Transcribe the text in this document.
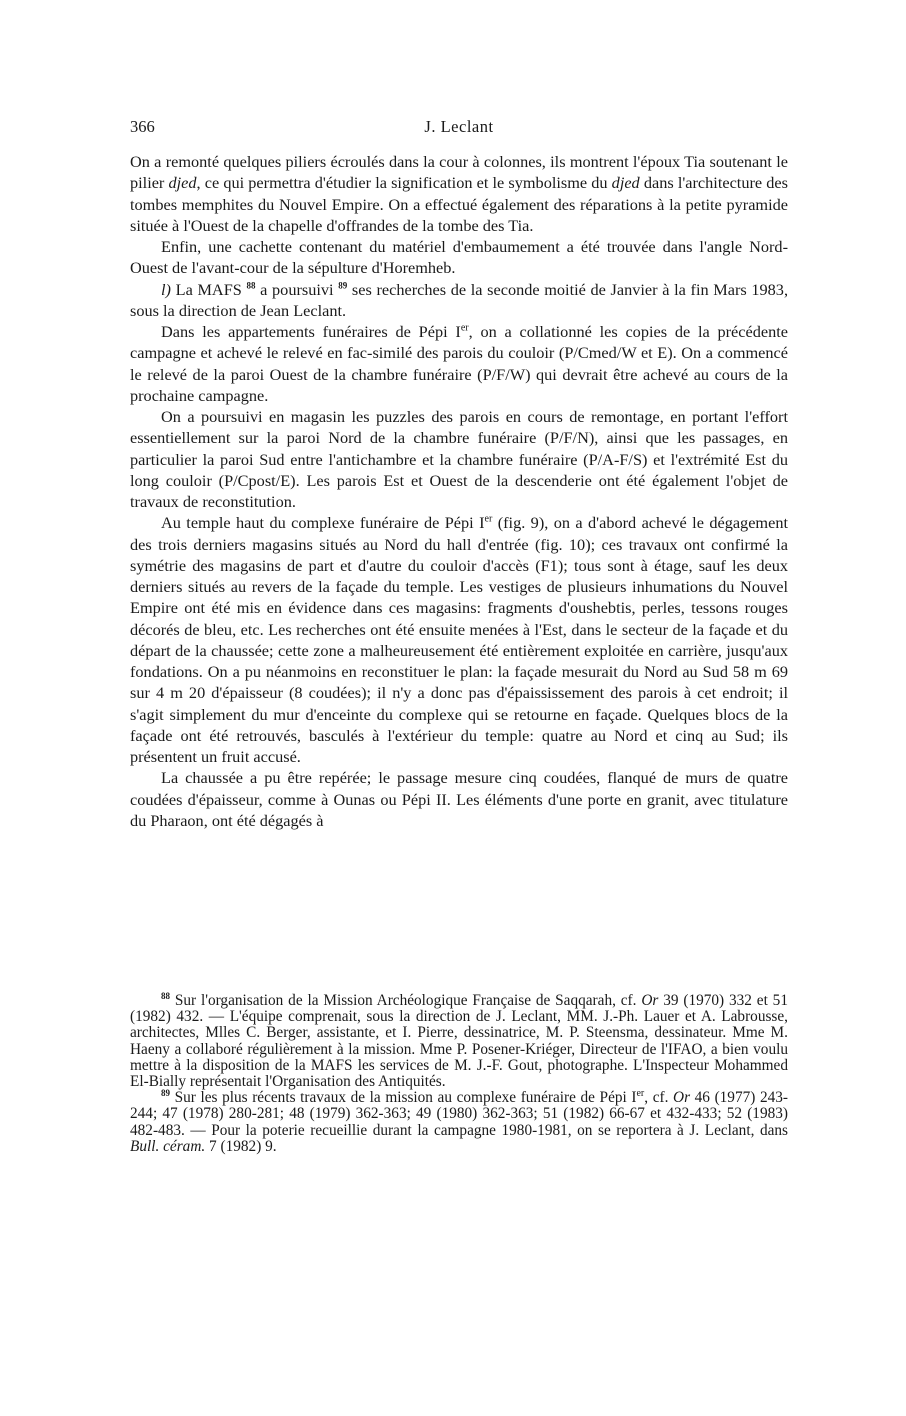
366	J. Leclant

On a remonté quelques piliers écroulés dans la cour à colonnes, ils montrent l'époux Tia soutenant le pilier djed, ce qui permettra d'étudier la signification et le symbolisme du djed dans l'architecture des tombes memphites du Nouvel Empire. On a effectué également des réparations à la petite pyramide située à l'Ouest de la chapelle d'offrandes de la tombe des Tia.

Enfin, une cachette contenant du matériel d'embaumement a été trouvée dans l'angle Nord-Ouest de l'avant-cour de la sépulture d'Horemheb.

l) La MAFS $^{88}$ a poursuivi $^{89}$ ses recherches de la seconde moitié de Janvier à la fin Mars 1983, sous la direction de Jean Leclant.

Dans les appartements funéraires de Pépi Ier, on a collationné les copies de la précédente campagne et achevé le relevé en fac-similé des parois du couloir (P/Cmed/W et E). On a commencé le relevé de la paroi Ouest de la chambre funéraire (P/F/W) qui devrait être achevé au cours de la prochaine campagne.

On a poursuivi en magasin les puzzles des parois en cours de remontage, en portant l'effort essentiellement sur la paroi Nord de la chambre funéraire (P/F/N), ainsi que les passages, en particulier la paroi Sud entre l'antichambre et la chambre funéraire (P/A-F/S) et l'extrémité Est du long couloir (P/Cpost/E). Les parois Est et Ouest de la descenderie ont été également l'objet de travaux de reconstitution.

Au temple haut du complexe funéraire de Pépi Ier (fig. 9), on a d'abord achevé le dégagement des trois derniers magasins situés au Nord du hall d'entrée (fig. 10); ces travaux ont confirmé la symétrie des magasins de part et d'autre du couloir d'accès (F1); tous sont à étage, sauf les deux derniers situés au revers de la façade du temple. Les vestiges de plusieurs inhumations du Nouvel Empire ont été mis en évidence dans ces magasins: fragments d'oushebtis, perles, tessons rouges décorés de bleu, etc. Les recherches ont été ensuite menées à l'Est, dans le secteur de la façade et du départ de la chaussée; cette zone a malheureusement été entièrement exploitée en carrière, jusqu'aux fondations. On a pu néanmoins en reconstituer le plan: la façade mesurait du Nord au Sud 58 m 69 sur 4 m 20 d'épaisseur (8 coudées); il n'y a donc pas d'épaississement des parois à cet endroit; il s'agit simplement du mur d'enceinte du complexe qui se retourne en façade. Quelques blocs de la façade ont été retrouvés, basculés à l'extérieur du temple: quatre au Nord et cinq au Sud; ils présentent un fruit accusé.

La chaussée a pu être repérée; le passage mesure cinq coudées, flanqué de murs de quatre coudées d'épaisseur, comme à Ounas ou Pépi II. Les éléments d'une porte en granit, avec titulature du Pharaon, ont été dégagés à

$^{88}$ Sur l'organisation de la Mission Archéologique Française de Saqqarah, cf. Or 39 (1970) 332 et 51 (1982) 432. — L'équipe comprenait, sous la direction de J. Leclant, MM. J.-Ph. Lauer et A. Labrousse, architectes, Mlles C. Berger, assistante, et I. Pierre, dessinatrice, M. P. Steensma, dessinateur. Mme M. Haeny a collaboré régulièrement à la mission. Mme P. Posener-Kriéger, Directeur de l'IFAO, a bien voulu mettre à la disposition de la MAFS les services de M. J.-F. Gout, photographe. L'Inspecteur Mohammed El-Bially représentait l'Organisation des Antiquités.

$^{89}$ Sur les plus récents travaux de la mission au complexe funéraire de Pépi Ier, cf. Or 46 (1977) 243-244; 47 (1978) 280-281; 48 (1979) 362-363; 49 (1980) 362-363; 51 (1982) 66-67 et 432-433; 52 (1983) 482-483. — Pour la poterie recueillie durant la campagne 1980-1981, on se reportera à J. Leclant, dans Bull. céram. 7 (1982) 9.
